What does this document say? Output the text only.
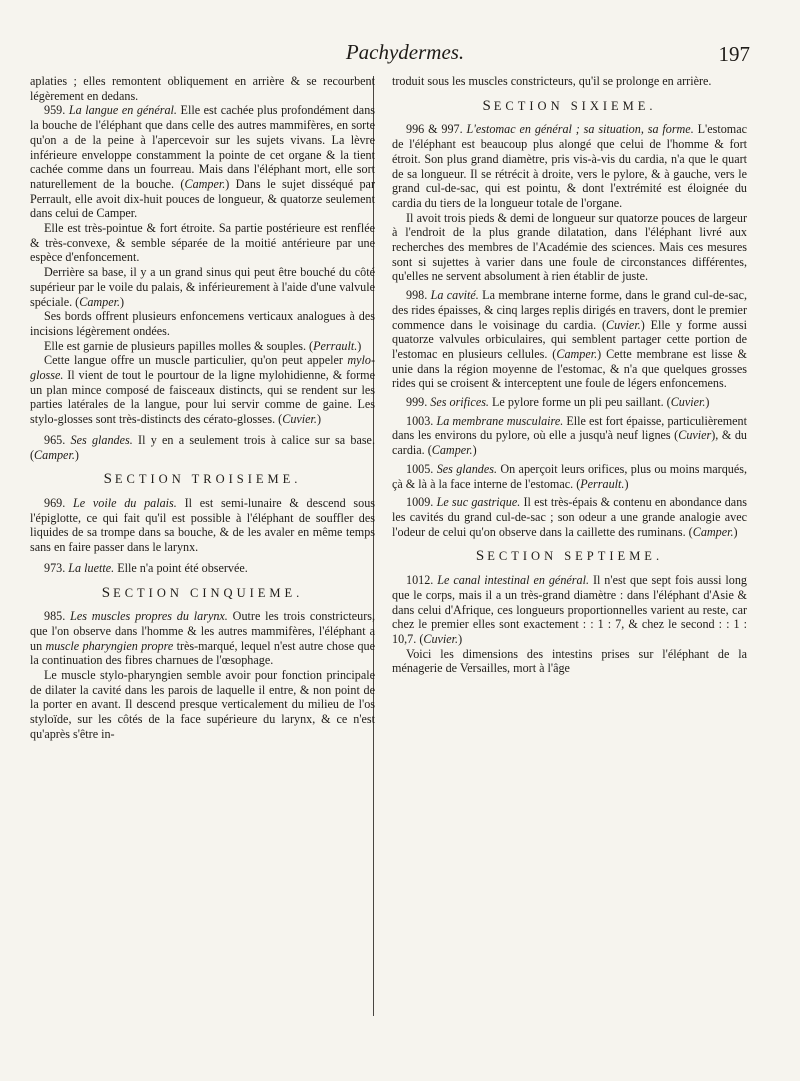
Pachydermes.	197

aplaties ; elles remontent obliquement en arrière & se recourbent légèrement en dedans.

959. La langue en général. Elle est cachée plus profondément dans la bouche de l'éléphant que dans celle des autres mammifères, en sorte qu'on a de la peine à l'apercevoir sur les sujets vivans. La lèvre inférieure enveloppe constamment la pointe de cet organe & la tient cachée comme dans un fourreau. Mais dans l'éléphant mort, elle sort naturellement de la bouche. (Camper.) Dans le sujet disséqué par Perrault, elle avoit dix-huit pouces de longueur, & quatorze seulement dans celui de Camper.

Elle est très-pointue & fort étroite. Sa partie postérieure est renflée & très-convexe, & semble séparée de la moitié antérieure par une espèce d'enfoncement.

Derrière sa base, il y a un grand sinus qui peut être bouché du côté supérieur par le voile du palais, & inférieurement à l'aide d'une valvule spéciale. (Camper.)

Ses bords offrent plusieurs enfoncemens verticaux analogues à des incisions légèrement ondées.

Elle est garnie de plusieurs papilles molles & souples. (Perrault.)

Cette langue offre un muscle particulier, qu'on peut appeler mylo-glosse. Il vient de tout le pourtour de la ligne mylohidienne, & forme un plan mince composé de faisceaux distincts, qui se rendent sur les parties latérales de la langue, pour lui servir comme de gaine. Les stylo-glosses sont très-distincts des cérato-glosses. (Cuvier.)

965. Ses glandes. Il y en a seulement trois à calice sur sa base. (Camper.)

SECTION TROISIEME.

969. Le voile du palais. Il est semi-lunaire & descend sous l'épiglotte, ce qui fait qu'il est possible à l'éléphant de souffler des liquides de sa trompe dans sa bouche, & de les avaler en même temps sans en faire passer dans le larynx.

973. La luette. Elle n'a point été observée.

SECTION CINQUIEME.

985. Les muscles propres du larynx. Outre les trois constricteurs, que l'on observe dans l'homme & les autres mammifères, l'éléphant a un muscle pharyngien propre très-marqué, lequel n'est autre chose que la continuation des fibres charnues de l'œsophage.

Le muscle stylo-pharyngien semble avoir pour fonction principale de dilater la cavité dans les parois de laquelle il entre, & non point de la porter en avant. Il descend presque verticalement du milieu de l'os styloïde, sur les côtés de la face supérieure du larynx, & ce n'est qu'après s'être in-

troduit sous les muscles constricteurs, qu'il se prolonge en arrière.

SECTION SIXIEME.

996 & 997. L'estomac en général ; sa situation, sa forme. L'estomac de l'éléphant est beaucoup plus alongé que celui de l'homme & fort étroit. Son plus grand diamètre, pris vis-à-vis du cardia, n'a que le quart de sa longueur. Il se rétrécit à droite, vers le pylore, & à gauche, vers le grand cul-de-sac, qui est pointu, & dont l'extrémité est éloignée du cardia du tiers de la longueur totale de l'organe.

Il avoit trois pieds & demi de longueur sur quatorze pouces de largeur à l'endroit de la plus grande dilatation, dans l'éléphant livré aux recherches des membres de l'Académie des sciences. Mais ces mesures sont si sujettes à varier dans une foule de circonstances différentes, qu'elles ne servent absolument à rien établir de juste.

998. La cavité. La membrane interne forme, dans le grand cul-de-sac, des rides épaisses, & cinq larges replis dirigés en travers, dont le premier commence dans le voisinage du cardia. (Cuvier.) Elle y forme aussi quatorze valvules orbiculaires, qui semblent partager cette portion de l'estomac en plusieurs cellules. (Camper.) Cette membrane est lisse & unie dans la région moyenne de l'estomac, & n'a que quelques grosses rides qui se croisent & interceptent une foule de légers enfoncemens.

999. Ses orifices. Le pylore forme un pli peu saillant. (Cuvier.)

1003. La membrane musculaire. Elle est fort épaisse, particulièrement dans les environs du pylore, où elle a jusqu'à neuf lignes (Cuvier), & du cardia. (Camper.)

1005. Ses glandes. On aperçoit leurs orifices, plus ou moins marqués, çà & là à la face interne de l'estomac. (Perrault.)

1009. Le suc gastrique. Il est très-épais & contenu en abondance dans les cavités du grand cul-de-sac ; son odeur a une grande analogie avec l'odeur de celui qu'on observe dans la caillette des ruminans. (Camper.)

SECTION SEPTIEME.

1012. Le canal intestinal en général. Il n'est que sept fois aussi long que le corps, mais il a un très-grand diamètre : dans l'éléphant d'Asie & dans celui d'Afrique, ces longueurs proportionnelles varient au reste, car chez le premier elles sont exactement : : 1 : 7, & chez le second : : 1 : 10,7. (Cuvier.)

Voici les dimensions des intestins prises sur l'éléphant de la ménagerie de Versailles, mort à l'âge
